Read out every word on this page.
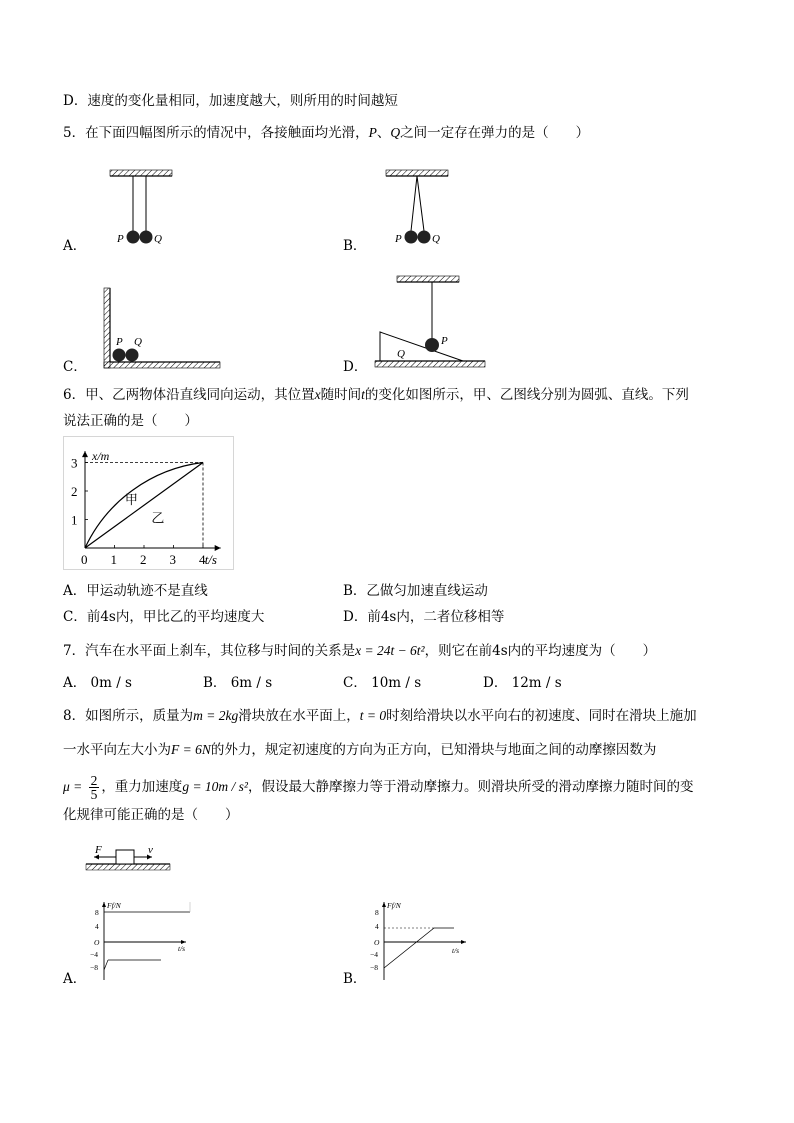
D．速度的变化量相同，加速度越大，则所用的时间越短
5．在下面四幅图所示的情况中，各接触面均光滑，P、Q之间一定存在弹力的是（　　）
A．	P	Q	B．	P	Q
C．
P Q
D．
P
Q
6．甲、乙两物体沿直线同向运动，其位置x随时间t的变化如图所示，甲、乙图线分别为圆弧、直线。下列
说法正确的是（　　）
0 1 2 3 4
1
2
3 x/m
t/s
甲
乙
A．甲运动轨迹不是直线	B．乙做匀加速直线运动
C．前4s内，甲比乙的平均速度大	D．前4s内，二者位移相等
7．汽车在水平面上刹车，其位移与时间的关系是x = 24t − 6t²，则它在前4s内的平均速度为（　　）
A． 0m / s	B． 6m / s	C． 10m / s	D． 12m / s
8．如图所示，质量为m = 2kg滑块放在水平面上，t = 0时刻给滑块以水平向右的初速度、同时在滑块上施加
一水平向左大小为F = 6N的外力，规定初速度的方向为正方向，已知滑块与地面之间的动摩擦因数为
$\mu = \frac{2}{5}$ ，重力加速度g = 10m / s²，假设最大静摩擦力等于滑动摩擦力。则滑块所受的滑动摩擦力随时间的变
化规律可能正确的是（　　）
F	v
A．
Ff/N
t/s
8
4
O
−4
−8
B．
Ff/N
t/s
8
4
O
−4
−8
